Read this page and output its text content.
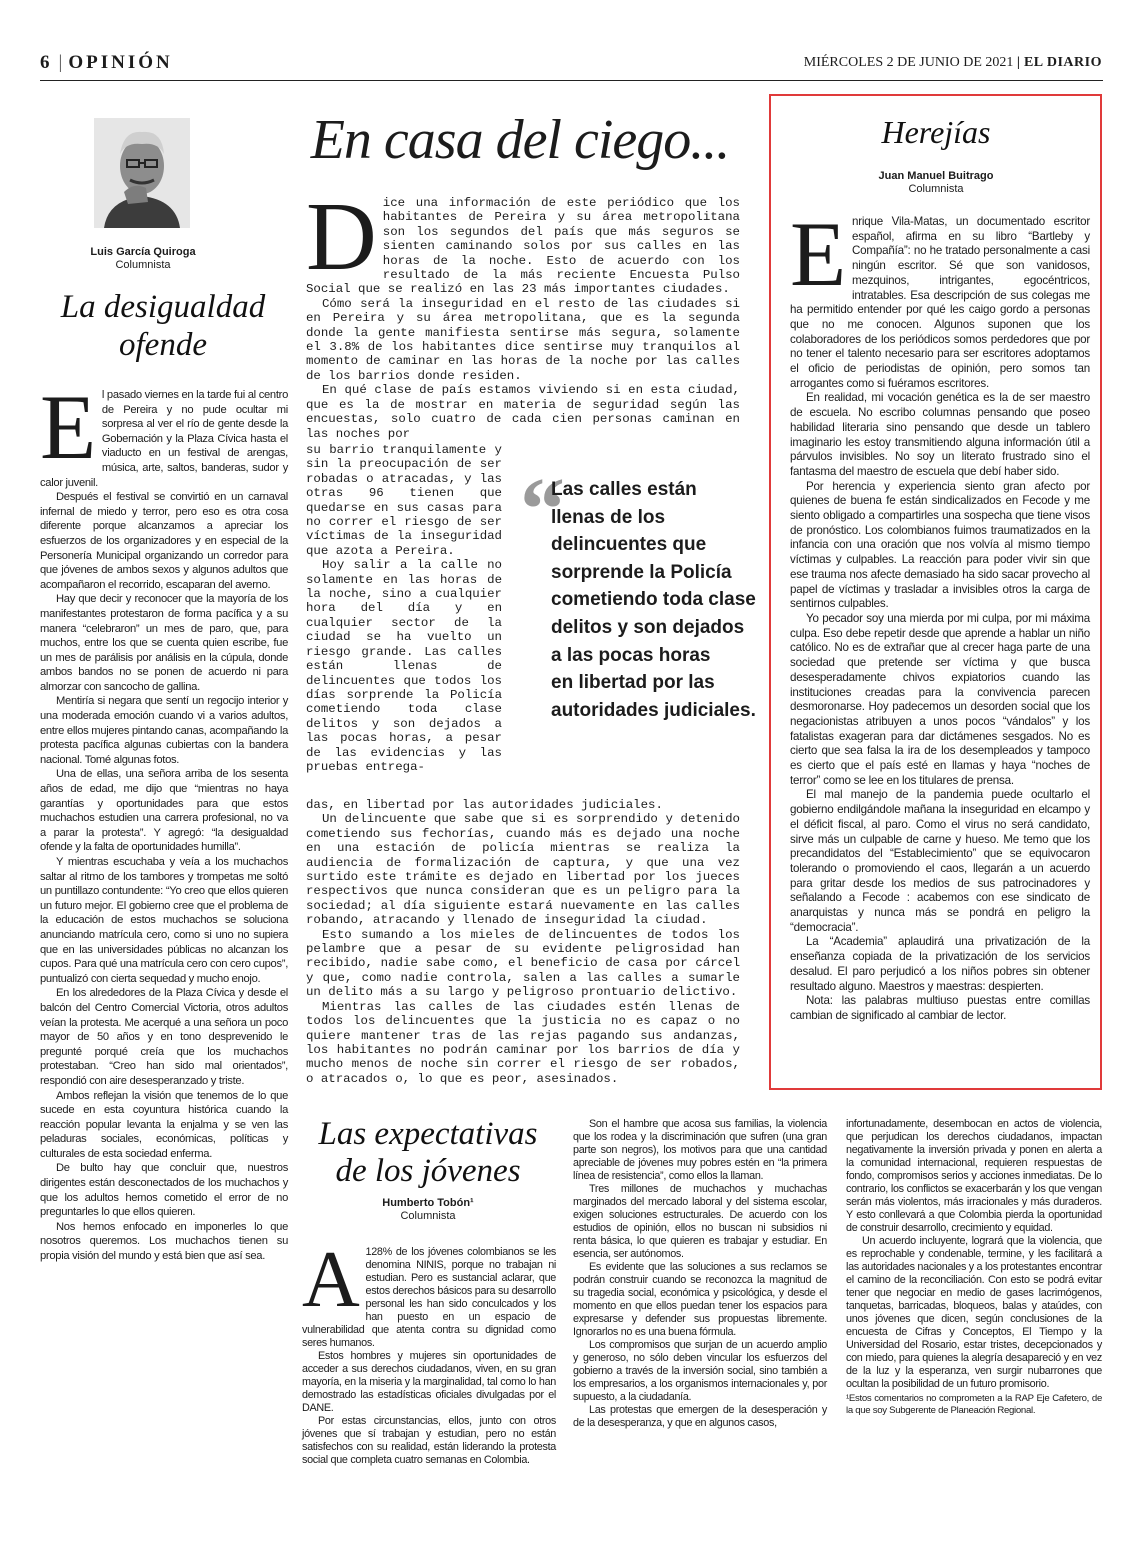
6 | OPINIÓN	MIÉRCOLES 2 DE JUNIO DE 2021 | EL DIARIO
Luis García Quiroga
Columnista
La desigualdad
ofende

El pasado viernes en la tarde fui al centro de Pereira y no pude ocultar mi sorpresa al ver el río de gente desde la Gobernación y la Plaza Cívica hasta el viaducto en un festival de arengas, música, arte, saltos, banderas, sudor y calor juvenil.

Después el festival se convirtió en un carnaval infernal de miedo y terror, pero eso es otra cosa diferente porque alcanzamos a apreciar los esfuerzos de los organizadores y en especial de la Personería Municipal organizando un corredor para que jóvenes de ambos sexos y algunos adultos que acompañaron el recorrido, escaparan del averno.

Hay que decir y reconocer que la mayoría de los manifestantes protestaron de forma pacífica y a su manera “celebraron” un mes de paro, que, para muchos, entre los que se cuenta quien escribe, fue un mes de parálisis por análisis en la cúpula, donde ambos bandos no se ponen de acuerdo ni para almorzar con sancocho de gallina.

Mentiría si negara que sentí un regocijo interior y una moderada emoción cuando vi a varios adultos, entre ellos mujeres pintando canas, acompañando la protesta pacífica algunas cubiertas con la bandera nacional. Tomé algunas fotos.

Una de ellas, una señora arriba de los sesenta años de edad, me dijo que “mientras no haya garantías y oportunidades para que estos muchachos estudien una carrera profesional, no va a parar la protesta”. Y agregó: “la desigualdad ofende y la falta de oportunidades humilla”.

Y mientras escuchaba y veía a los muchachos saltar al ritmo de los tambores y trompetas me soltó un puntillazo contundente: “Yo creo que ellos quieren un futuro mejor. El gobierno cree que el problema de la educación de estos muchachos se soluciona anunciando matrícula cero, como si uno no supiera que en las universidades públicas no alcanzan los cupos. Para qué una matrícula cero con cero cupos”, puntualizó con cierta sequedad y mucho enojo.

En los alrededores de la Plaza Cívica y desde el balcón del Centro Comercial Victoria, otros adultos veían la protesta. Me acerqué a una señora un poco mayor de 50 años y en tono desprevenido le pregunté porqué creía que los muchachos protestaban. “Creo han sido mal orientados”, respondió con aire desesperanzado y triste.

Ambos reflejan la visión que tenemos de lo que sucede en esta coyuntura histórica cuando la reacción popular levanta la enjalma y se ven las peladuras sociales, económicas, políticas y culturales de esta sociedad enferma.

De bulto hay que concluir que, nuestros dirigentes están desconectados de los muchachos y que los adultos hemos cometido el error de no preguntarles lo que ellos quieren.

Nos hemos enfocado en imponerles lo que nosotros queremos. Los muchachos tienen su propia visión del mundo y está bien que así sea.

En casa del ciego...

Dice una información de este periódico que los habitantes de Pereira y su área metropolitana son los segundos del país que más seguros se sienten caminando solos por sus calles en las horas de la noche. Esto de acuerdo con los resultado de la más reciente Encuesta Pulso Social que se realizó en las 23 más importantes ciudades.

Cómo será la inseguridad en el resto de las ciudades si en Pereira y su área metropolitana, que es la segunda donde la gente manifiesta sentirse más segura, solamente el 3.8% de los habitantes dice sentirse muy tranquilos al momento de caminar en las horas de la noche por las calles de los barrios donde residen.

En qué clase de país estamos viviendo si en esta ciudad, que es la de mostrar en materia de seguridad según las encuestas, solo cuatro de cada cien personas caminan en las noches por

su barrio tranquilamente y sin la preocupación de ser robadas o atracadas, y las otras 96 tienen que quedarse en sus casas para no correr el riesgo de ser víctimas de la inseguridad que azota a Pereira.

Hoy salir a la calle no solamente en las horas de la noche, sino a cualquier hora del día y en cualquier sector de la ciudad se ha vuelto un riesgo grande. Las calles están llenas de delincuentes que todos los días sorprende la Policía cometiendo toda clase delitos y son dejados a las pocas horas, a pesar de las evidencias y las pruebas entrega-

das, en libertad por las autoridades judiciales.

Un delincuente que sabe que si es sorprendido y detenido cometiendo sus fechorías, cuando más es dejado una noche en una estación de policía mientras se realiza la audiencia de formalización de captura, y que una vez surtido este trámite es dejado en libertad por los jueces respectivos que nunca consideran que es un peligro para la sociedad; al día siguiente estará nuevamente en las calles robando, atracando y llenado de inseguridad la ciudad.

Esto sumando a los mieles de delincuentes de todos los pelambre que a pesar de su evidente peligrosidad han recibido, nadie sabe como, el beneficio de casa por cárcel y que, como nadie controla, salen a las calles a sumarle un delito más a su largo y peligroso prontuario delictivo.

Mientras las calles de las ciudades estén llenas de todos los delincuentes que la justicia no es capaz o no quiere mantener tras de las rejas pagando sus andanzas, los habitantes no podrán caminar por los barrios de día y mucho menos de noche sin correr el riesgo de ser robados, o atracados o, lo que es peor, asesinados.

“
Las calles están
llenas de los
delincuentes que
sorprende la Policía
cometiendo toda clase
delitos y son dejados
a las pocas horas
en libertad por las
autoridades judiciales.
Herejías
Juan Manuel Buitrago
Columnista

Enrique Vila-Matas, un documentado escritor español, afirma en su libro “Bartleby y Compañía”: no he tratado personalmente a casi ningún escritor. Sé que son vanidosos, mezquinos, intrigantes, egocéntricos, intratables. Esa descripción de sus colegas me ha permitido entender por qué les caigo gordo a personas que no me conocen. Algunos suponen que los colaboradores de los periódicos somos perdedores que por no tener el talento necesario para ser escritores adoptamos el oficio de periodistas de opinión, pero somos tan arrogantes como si fuéramos escritores.

En realidad, mi vocación genética es la de ser maestro de escuela. No escribo columnas pensando que poseo habilidad literaria sino pensando que desde un tablero imaginario les estoy transmitiendo alguna información útil a párvulos invisibles. No soy un literato frustrado sino el fantasma del maestro de escuela que debí haber sido.

Por herencia y experiencia siento gran afecto por quienes de buena fe están sindicalizados en Fecode y me siento obligado a compartirles una sospecha que tiene visos de pronóstico. Los colombianos fuimos traumatizados en la infancia con una oración que nos volvía al mismo tiempo víctimas y culpables. La reacción para poder vivir sin que ese trauma nos afecte demasiado ha sido sacar provecho al papel de víctimas y trasladar a invisibles otros la carga de sentirnos culpables.

Yo pecador soy una mierda por mi culpa, por mi máxima culpa. Eso debe repetir desde que aprende a hablar un niño católico. No es de extrañar que al crecer haga parte de una sociedad que pretende ser víctima y que busca desesperadamente chivos expiatorios cuando las instituciones creadas para la convivencia parecen desmoronarse. Hoy padecemos un desorden social que los negacionistas atribuyen a unos pocos “vándalos” y los fatalistas exageran para dar dictámenes sesgados. No es cierto que sea falsa la ira de los desempleados y tampoco es cierto que el país esté en llamas y haya “noches de terror” como se lee en los titulares de prensa.

El mal manejo de la pandemia puede ocultarlo el gobierno endilgándole mañana la inseguridad en elcampo y el déficit fiscal, al paro. Como el virus no será candidato, sirve más un culpable de carne y hueso. Me temo que los precandidatos del “Establecimiento” que se equivocaron tolerando o promoviendo el caos, llegarán a un acuerdo para gritar desde los medios de sus patrocinadores y señalando a Fecode : acabemos con ese sindicato de anarquistas y nunca más se pondrá en peligro la “democracia”.

La “Academia” aplaudirá una privatización de la enseñanza copiada de la privatización de los servicios desalud. El paro perjudicó a los niños pobres sin obtener resultado alguno. Maestros y maestras: despierten.

Nota: las palabras multiuso puestas entre comillas cambian de significado al cambiar de lector.

Las expectativas
de los jóvenes
Humberto Tobón¹
Columnista

A 128% de los jóvenes colombianos se les denomina NINIS, porque no trabajan ni estudian. Pero es sustancial aclarar, que estos derechos básicos para su desarrollo personal les han sido conculcados y los han puesto en un espacio de vulnerabilidad que atenta contra su dignidad como seres humanos.

Estos hombres y mujeres sin oportunidades de acceder a sus derechos ciudadanos, viven, en su gran mayoría, en la miseria y la marginalidad, tal como lo han demostrado las estadísticas oficiales divulgadas por el DANE.

Por estas circunstancias, ellos, junto con otros jóvenes que sí trabajan y estudian, pero no están satisfechos con su realidad, están liderando la protesta social que completa cuatro semanas en Colombia.

Son el hambre que acosa sus familias, la violencia que los rodea y la discriminación que sufren (una gran parte son negros), los motivos para que una cantidad apreciable de jóvenes muy pobres estén en “la primera línea de resistencia”, como ellos la llaman.

Tres millones de muchachos y muchachas marginados del mercado laboral y del sistema escolar, exigen soluciones estructurales. De acuerdo con los estudios de opinión, ellos no buscan ni subsidios ni renta básica, lo que quieren es trabajar y estudiar. En esencia, ser autónomos.

Es evidente que las soluciones a sus reclamos se podrán construir cuando se reconozca la magnitud de su tragedia social, económica y psicológica, y desde el momento en que ellos puedan tener los espacios para expresarse y defender sus propuestas libremente. Ignorarlos no es una buena fórmula.

Los compromisos que surjan de un acuerdo amplio y generoso, no sólo deben vincular los esfuerzos del gobierno a través de la inversión social, sino también a los empresarios, a los organismos internacionales y, por supuesto, a la ciudadanía.

Las protestas que emergen de la desesperación y de la desesperanza, y que en algunos casos,

infortunadamente, desembocan en actos de violencia, que perjudican los derechos ciudadanos, impactan negativamente la inversión privada y ponen en alerta a la comunidad internacional, requieren respuestas de fondo, compromisos serios y acciones inmediatas. De lo contrario, los conflictos se exacerbarán y los que vengan serán más violentos, más irracionales y más duraderos. Y esto conllevará a que Colombia pierda la oportunidad de construir desarrollo, crecimiento y equidad.

Un acuerdo incluyente, logrará que la violencia, que es reprochable y condenable, termine, y les facilitará a las autoridades nacionales y a los protestantes encontrar el camino de la reconciliación. Con esto se podrá evitar tener que negociar en medio de gases lacrimógenos, tanquetas, barricadas, bloqueos, balas y ataúdes, con unos jóvenes que dicen, según conclusiones de la encuesta de Cifras y Conceptos, El Tiempo y la Universidad del Rosario, estar tristes, decepcionados y con miedo, para quienes la alegría desapareció y en vez de la luz y la esperanza, ven surgir nubarrones que ocultan la posibilidad de un futuro promisorio.

¹Estos comentarios no comprometen a la RAP Eje Cafetero, de la que soy Subgerente de Planeación Regional.
